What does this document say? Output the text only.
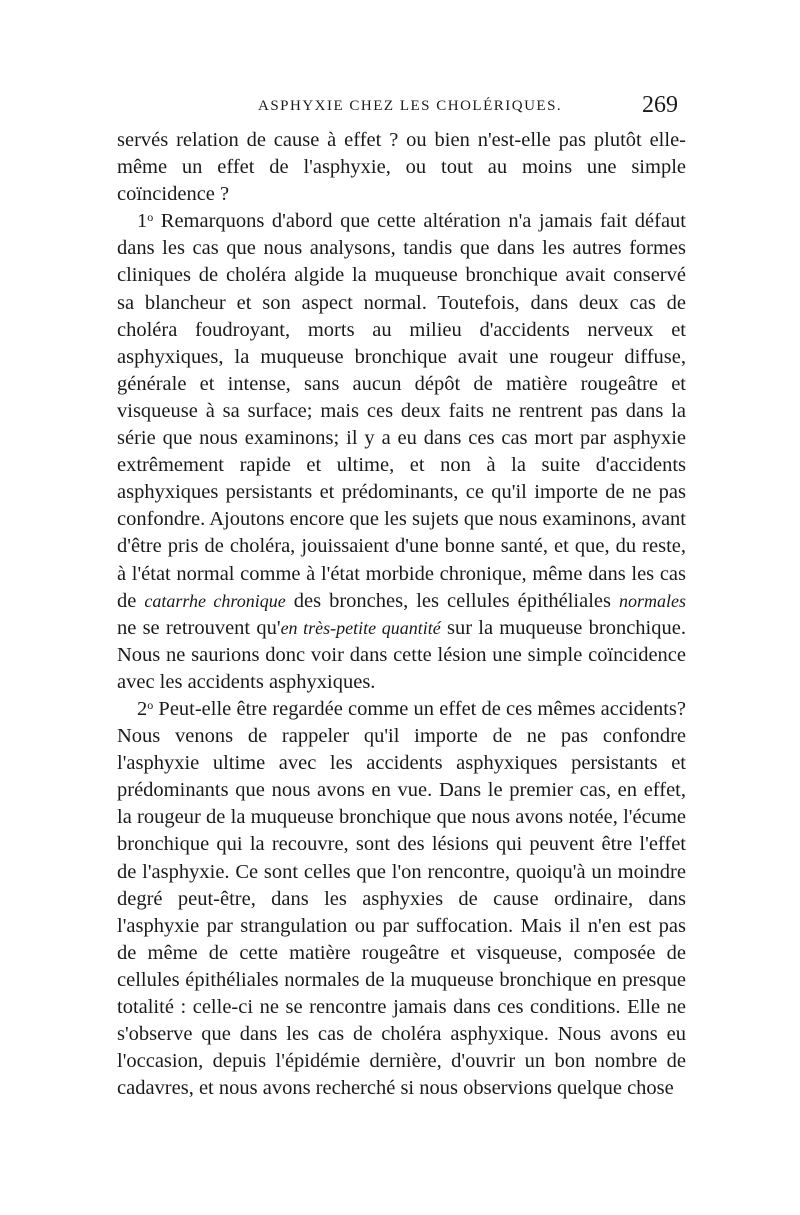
ASPHYXIE CHEZ LES CHOLÉRIQUES.	269

servés relation de cause à effet ? ou bien n'est-elle pas plutôt elle-même un effet de l'asphyxie, ou tout au moins une simple coïncidence ?

1$^o$ Remarquons d'abord que cette altération n'a jamais fait défaut dans les cas que nous analysons, tandis que dans les autres formes cliniques de choléra algide la muqueuse bronchique avait conservé sa blancheur et son aspect normal. Toutefois, dans deux cas de choléra foudroyant, morts au milieu d'accidents nerveux et asphyxiques, la muqueuse bronchique avait une rougeur diffuse, générale et intense, sans aucun dépôt de matière rougeâtre et visqueuse à sa surface; mais ces deux faits ne rentrent pas dans la série que nous examinons; il y a eu dans ces cas mort par asphyxie extrêmement rapide et ultime, et non à la suite d'accidents asphyxiques persistants et prédominants, ce qu'il importe de ne pas confondre. Ajoutons encore que les sujets que nous examinons, avant d'être pris de choléra, jouissaient d'une bonne santé, et que, du reste, à l'état normal comme à l'état morbide chronique, même dans les cas de catarrhe chronique des bronches, les cellules épithéliales normales ne se retrouvent qu'en très-petite quantité sur la muqueuse bronchique. Nous ne saurions donc voir dans cette lésion une simple coïncidence avec les accidents asphyxiques.

2$^o$ Peut-elle être regardée comme un effet de ces mêmes accidents? Nous venons de rappeler qu'il importe de ne pas confondre l'asphyxie ultime avec les accidents asphyxiques persistants et prédominants que nous avons en vue. Dans le premier cas, en effet, la rougeur de la muqueuse bronchique que nous avons notée, l'écume bronchique qui la recouvre, sont des lésions qui peuvent être l'effet de l'asphyxie. Ce sont celles que l'on rencontre, quoiqu'à un moindre degré peut-être, dans les asphyxies de cause ordinaire, dans l'asphyxie par strangulation ou par suffocation. Mais il n'en est pas de même de cette matière rougeâtre et visqueuse, composée de cellules épithéliales normales de la muqueuse bronchique en presque totalité : celle-ci ne se rencontre jamais dans ces conditions. Elle ne s'observe que dans les cas de choléra asphyxique. Nous avons eu l'occasion, depuis l'épidémie dernière, d'ouvrir un bon nombre de cadavres, et nous avons recherché si nous observions quelque chose
